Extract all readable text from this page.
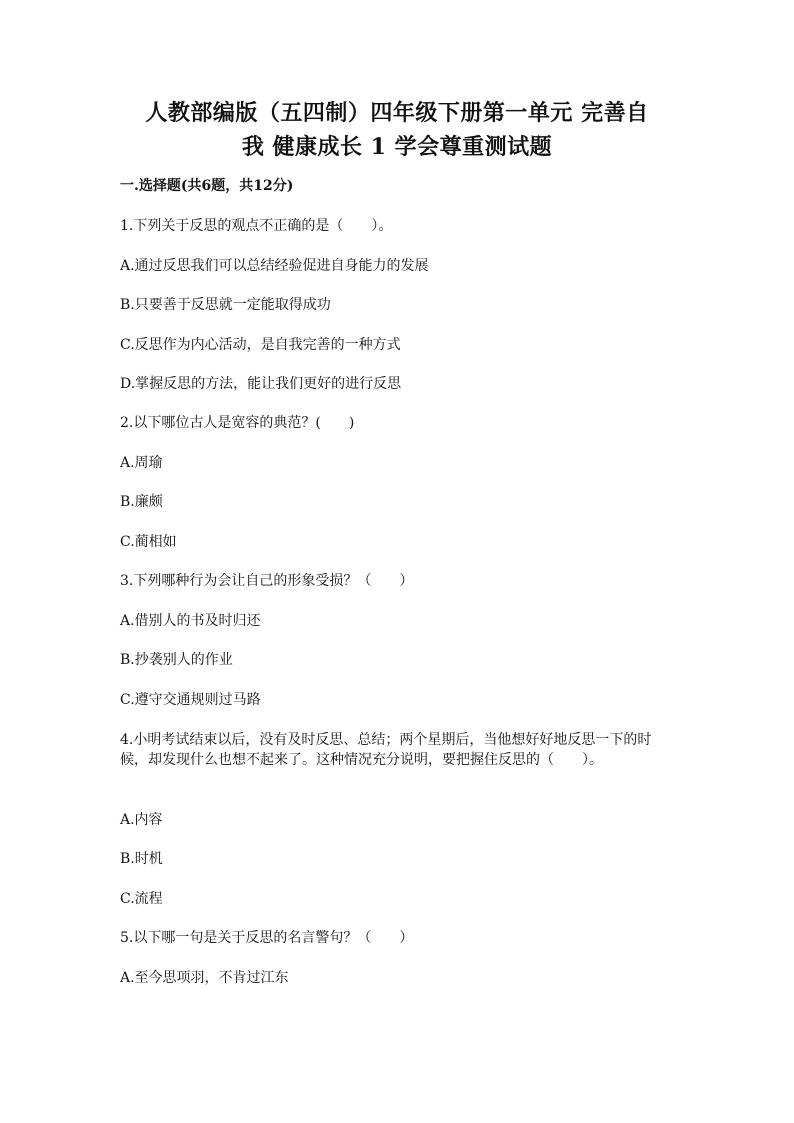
人教部编版（五四制）四年级下册第一单元 完善自
我 健康成长 1 学会尊重测试题
一.选择题(共6题，共12分)
1.下列关于反思的观点不正确的是（　　）。
A.通过反思我们可以总结经验促进自身能力的发展
B.只要善于反思就一定能取得成功
C.反思作为内心活动，是自我完善的一种方式
D.掌握反思的方法，能让我们更好的进行反思
2.以下哪位古人是宽容的典范？(　　)
A.周瑜
B.廉颇
C.蔺相如
3.下列哪种行为会让自己的形象受损？（　　）
A.借别人的书及时归还
B.抄袭别人的作业
C.遵守交通规则过马路
4.小明考试结束以后，没有及时反思、总结；两个星期后，当他想好好地反思一下的时候，却发现什么也想不起来了。这种情况充分说明，要把握住反思的（　　）。
A.内容
B.时机
C.流程
5.以下哪一句是关于反思的名言警句？（　　）
A.至今思项羽，不肯过江东
